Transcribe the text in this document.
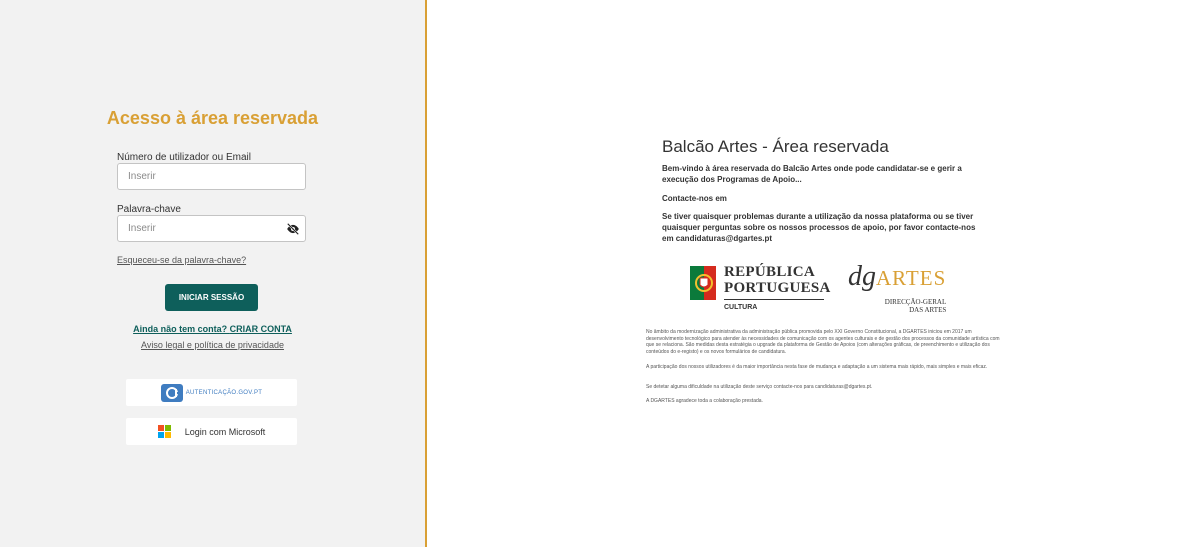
Acesso à área reservada
Número de utilizador ou Email
Inserir
Palavra-chave
Esqueceu-se da palavra-chave?
INICIAR SESSÃO
Ainda não tem conta? CRIAR CONTA
Aviso legal e política de privacidade
AUTENTICAÇÃO.GOV.PT
Login com Microsoft
Balcão Artes - Área reservada
Bem-vindo à área reservada do Balcão Artes onde pode candidatar-se e gerir a execução dos Programas de Apoio...
Contacte-nos em
Se tiver quaisquer problemas durante a utilização da nossa plataforma ou se tiver quaisquer perguntas sobre os nossos processos de apoio, por favor contacte-nos em candidaturas@dgartes.pt
REPÚBLICA
PORTUGUESA
CULTURA
dgARTES
DIRECÇÃO-GERAL
DAS ARTES
No âmbito da modernização administrativa da administração pública promovida pelo XXI Governo Constitucional, a DGARTES iniciou em 2017 um desenvolvimento tecnológico para atender às necessidades de comunicação com os agentes culturais e de gestão dos processos da comunidade artística com que se relaciona. São medidas desta estratégia o upgrade da plataforma de Gestão de Apoios (com alterações gráficas, de preenchimento e utilização dos conteúdos do e-registo) e os novos formulários de candidatura.
A participação dos nossos utilizadores é da maior importância nesta fase de mudança e adaptação a um sistema mais rápido, mais simples e mais eficaz.
Se detetar alguma dificuldade na utilização deste serviço contacte-nos para candidaturas@dgartes.pt.
A DGARTES agradece toda a colaboração prestada.
